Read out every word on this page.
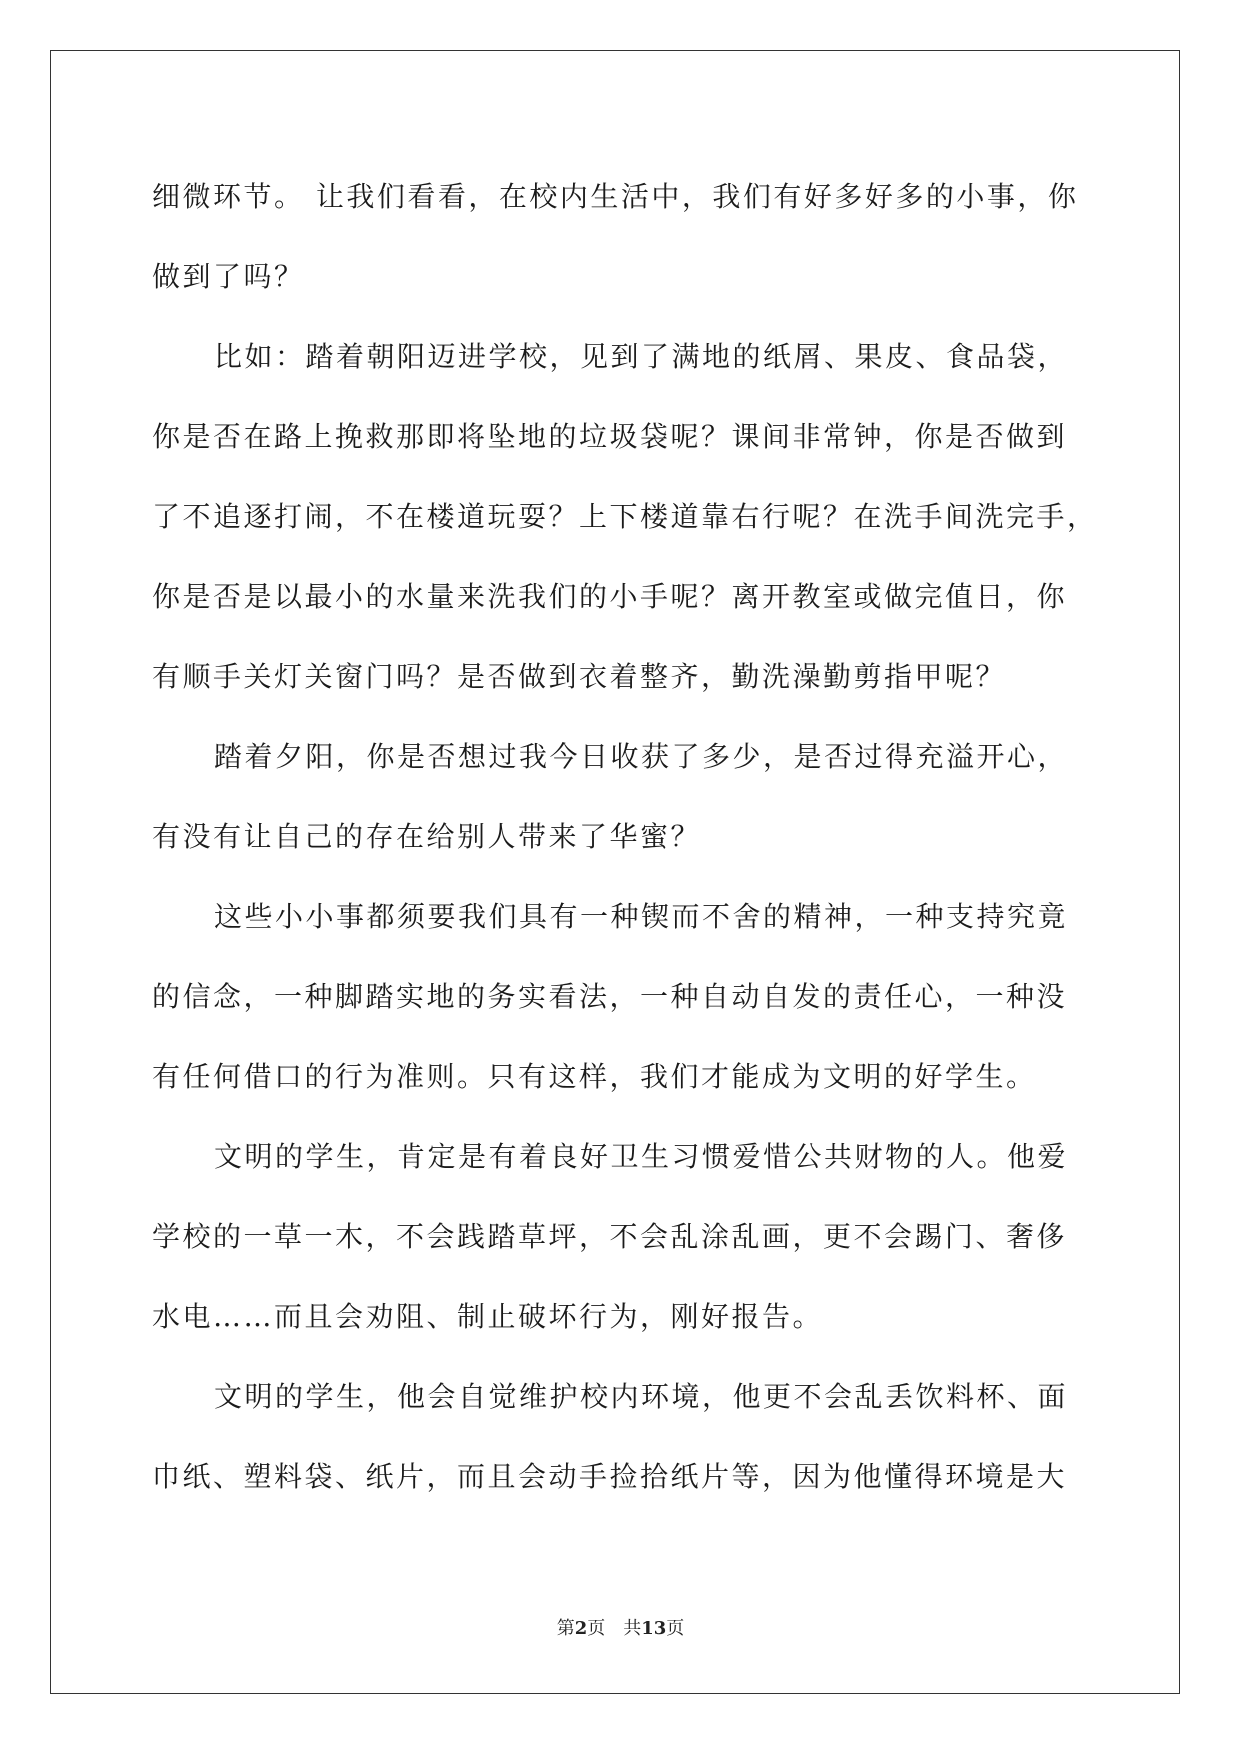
细微环节。 让我们看看，在校内生活中，我们有好多好多的小事，你
做到了吗？
比如：踏着朝阳迈进学校，见到了满地的纸屑、果皮、食品袋，
你是否在路上挽救那即将坠地的垃圾袋呢？课间非常钟，你是否做到
了不追逐打闹，不在楼道玩耍？上下楼道靠右行呢？在洗手间洗完手，
你是否是以最小的水量来洗我们的小手呢？离开教室或做完值日，你
有顺手关灯关窗门吗？是否做到衣着整齐，勤洗澡勤剪指甲呢？
踏着夕阳，你是否想过我今日收获了多少，是否过得充溢开心，
有没有让自己的存在给别人带来了华蜜？
这些小小事都须要我们具有一种锲而不舍的精神，一种支持究竟
的信念，一种脚踏实地的务实看法，一种自动自发的责任心，一种没
有任何借口的行为准则。只有这样，我们才能成为文明的好学生。
文明的学生，肯定是有着良好卫生习惯爱惜公共财物的人。他爱
学校的一草一木，不会践踏草坪，不会乱涂乱画，更不会踢门、奢侈
水电……而且会劝阻、制止破坏行为，刚好报告。
文明的学生，他会自觉维护校内环境，他更不会乱丢饮料杯、面
巾纸、塑料袋、纸片，而且会动手捡拾纸片等，因为他懂得环境是大
第2页 共13页
